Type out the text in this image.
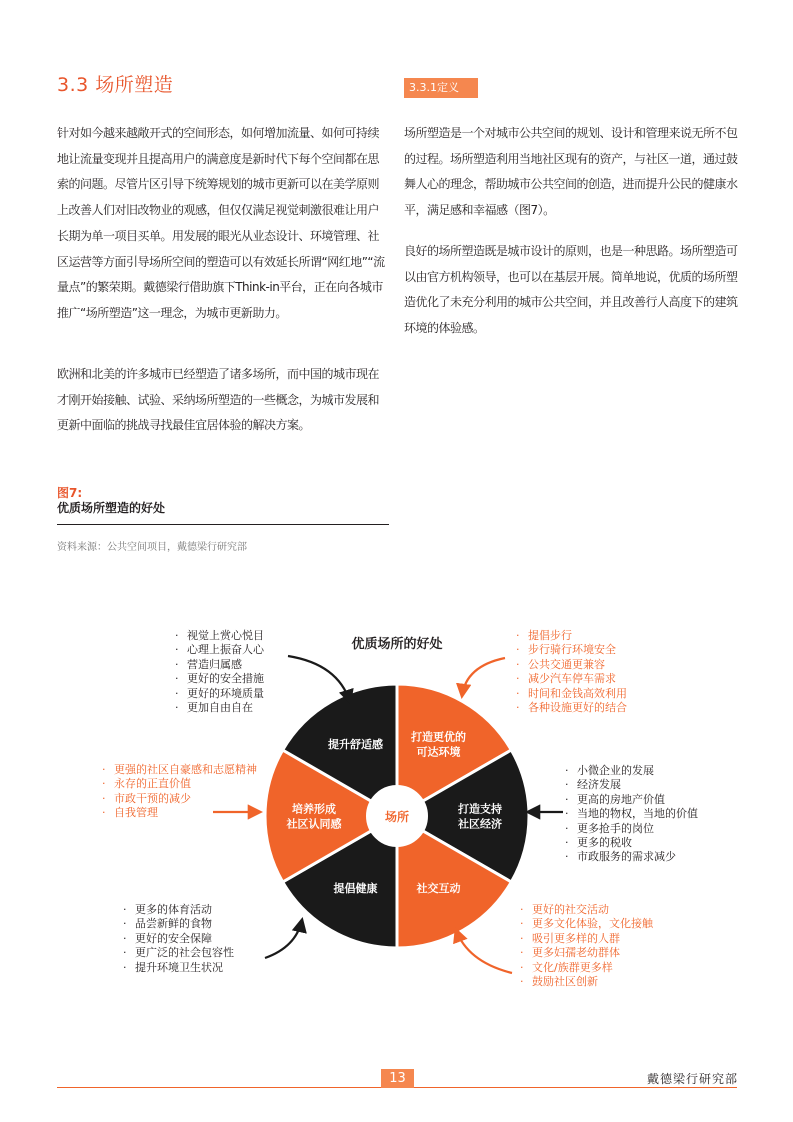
3.3 场所塑造	3.3.1定义

针对如今越来越敞开式的空间形态，如何增加流量、如何可持续地让流量变现并且提高用户的满意度是新时代下每个空间都在思索的问题。尽管片区引导下统筹规划的城市更新可以在美学原则上改善人们对旧改物业的观感，但仅仅满足视觉刺激很难让用户长期为单一项目买单。用发展的眼光从业态设计、环境管理、社区运营等方面引导场所空间的塑造可以有效延长所谓“网红地”“流量点”的繁荣期。戴德梁行借助旗下Think-in平台，正在向各城市推广“场所塑造”这一理念，为城市更新助力。

欧洲和北美的许多城市已经塑造了诸多场所，而中国的城市现在才刚开始接触、试验、采纳场所塑造的一些概念，为城市发展和更新中面临的挑战寻找最佳宜居体验的解决方案。

场所塑造是一个对城市公共空间的规划、设计和管理来说无所不包的过程。场所塑造利用当地社区现有的资产，与社区一道，通过鼓舞人心的理念，帮助城市公共空间的创造，进而提升公民的健康水平，满足感和幸福感（图7）。

良好的场所塑造既是城市设计的原则，也是一种思路。场所塑造可以由官方机构领导，也可以在基层开展。简单地说，优质的场所塑造优化了未充分利用的城市公共空间，并且改善行人高度下的建筑环境的体验感。

图7:
优质场所塑造的好处
资料来源：公共空间项目，戴德梁行研究部
优质场所的好处
打造更优的可达环境
打造支持社区经济
社交互动
提倡健康
培养形成社区认同感
提升舒适感
场所
· 视觉上赏心悦目
· 心理上振奋人心
· 营造归属感
· 更好的安全措施
· 更好的环境质量
· 更加自由自在
· 提倡步行
· 步行骑行环境安全
· 公共交通更兼容
· 减少汽车停车需求
· 时间和金钱高效利用
· 各种设施更好的结合
· 更强的社区自豪感和志愿精神
· 永存的正直价值
· 市政干预的减少
· 自我管理
· 小微企业的发展
· 经济发展
· 更高的房地产价值
· 当地的物权，当地的价值
· 更多抢手的岗位
· 更多的税收
· 市政服务的需求减少
· 更多的体育活动
· 品尝新鲜的食物
· 更好的安全保障
· 更广泛的社会包容性
· 提升环境卫生状况
· 更好的社交活动
· 更多文化体验，文化接触
· 吸引更多样的人群
· 更多妇孺老幼群体
· 文化/族群更多样
· 鼓励社区创新
13	戴德梁行研究部
